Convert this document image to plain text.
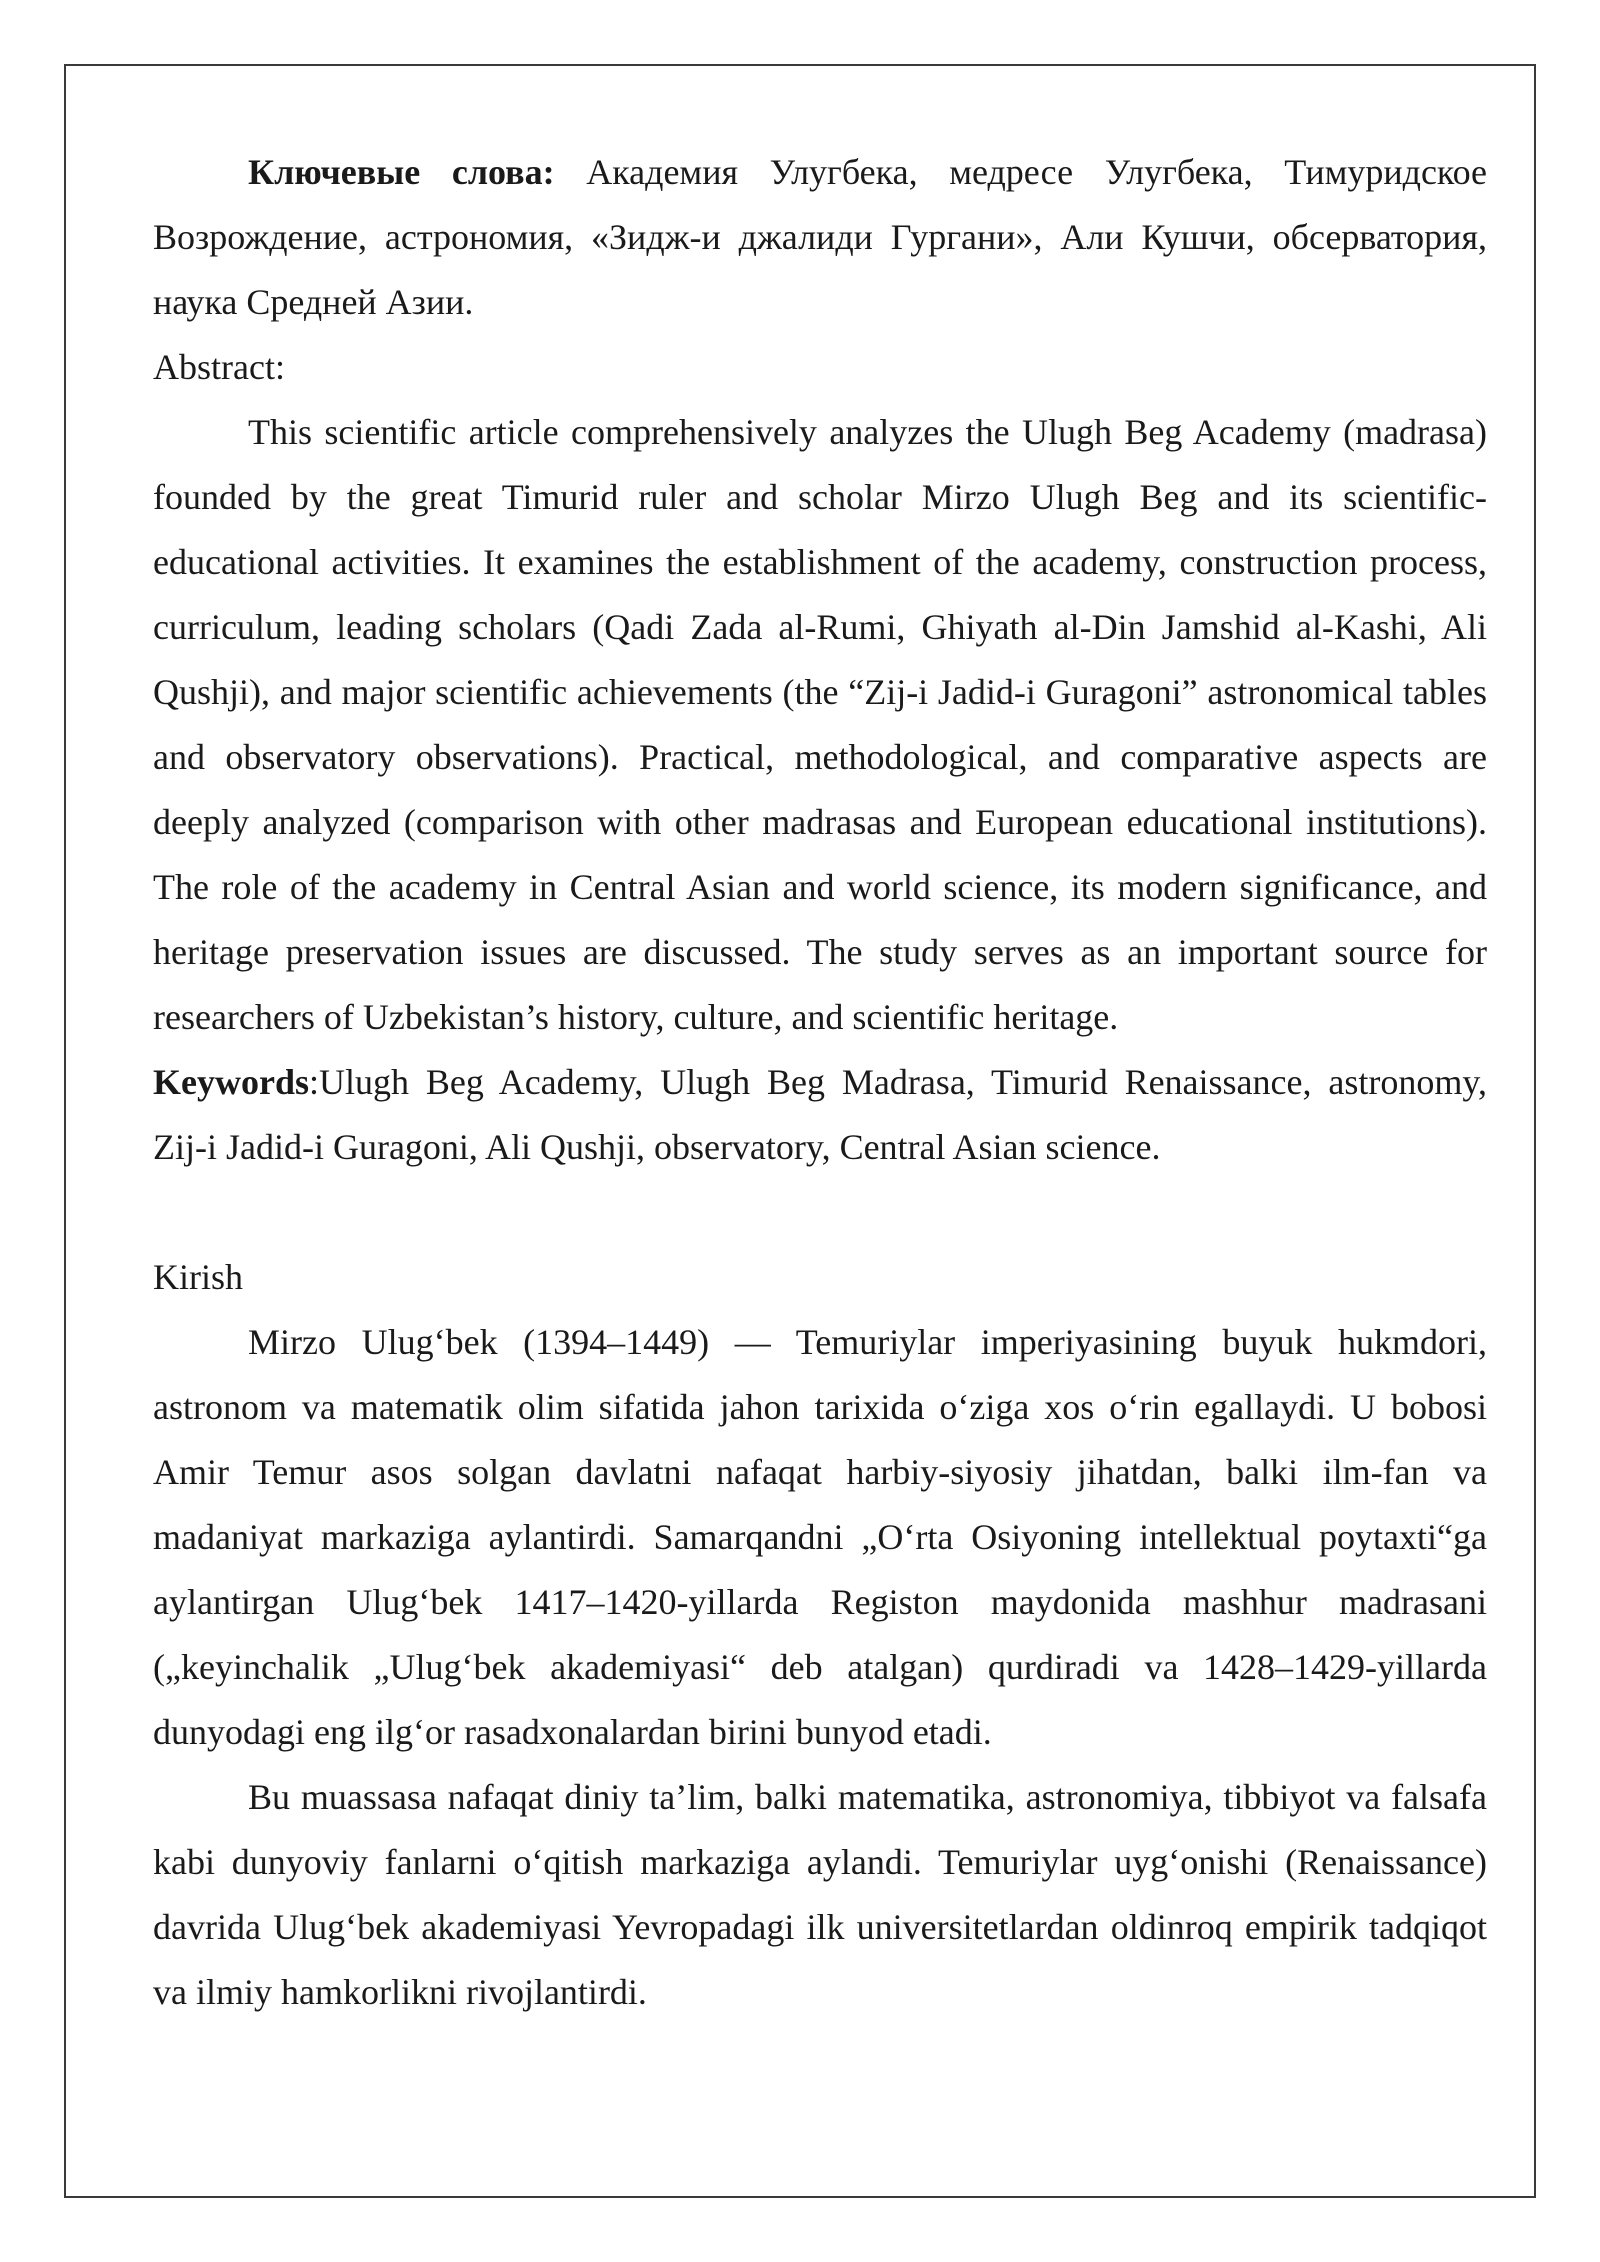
Ключевые слова: Академия Улугбека, медресе Улугбека, Тимуридское Возрождение, астрономия, «Зидж-и джалиди Гургани», Али Кушчи, обсерватория, наука Средней Азии.

Abstract:

This scientific article comprehensively analyzes the Ulugh Beg Academy (madrasa) founded by the great Timurid ruler and scholar Mirzo Ulugh Beg and its scientific-educational activities. It examines the establishment of the academy, construction process, curriculum, leading scholars (Qadi Zada al-Rumi, Ghiyath al-Din Jamshid al-Kashi, Ali Qushji), and major scientific achievements (the “Zij-i Jadid-i Guragoni” astronomical tables and observatory observations). Practical, methodological, and comparative aspects are deeply analyzed (comparison with other madrasas and European educational institutions). The role of the academy in Central Asian and world science, its modern significance, and heritage preservation issues are discussed. The study serves as an important source for researchers of Uzbekistan’s history, culture, and scientific heritage.

Keywords:Ulugh Beg Academy, Ulugh Beg Madrasa, Timurid Renaissance, astronomy, Zij-i Jadid-i Guragoni, Ali Qushji, observatory, Central Asian science.

Kirish

Mirzo Ulug‘bek (1394–1449) — Temuriylar imperiyasining buyuk hukmdori, astronom va matematik olim sifatida jahon tarixida o‘ziga xos o‘rin egallaydi. U bobosi Amir Temur asos solgan davlatni nafaqat harbiy-siyosiy jihatdan, balki ilm-fan va madaniyat markaziga aylantirdi. Samarqandni „O‘rta Osiyoning intellektual poytaxti“ga aylantirgan Ulug‘bek 1417–1420-yillarda Registon maydonida mashhur madrasani („keyinchalik „Ulug‘bek akademiyasi“ deb atalgan) qurdiradi va 1428–1429-yillarda dunyodagi eng ilg‘or rasadxonalardan birini bunyod etadi.

Bu muassasa nafaqat diniy ta’lim, balki matematika, astronomiya, tibbiyot va falsafa kabi dunyoviy fanlarni o‘qitish markaziga aylandi. Temuriylar uyg‘onishi (Renaissance) davrida Ulug‘bek akademiyasi Yevropadagi ilk universitetlardan oldinroq empirik tadqiqot va ilmiy hamkorlikni rivojlantirdi.
